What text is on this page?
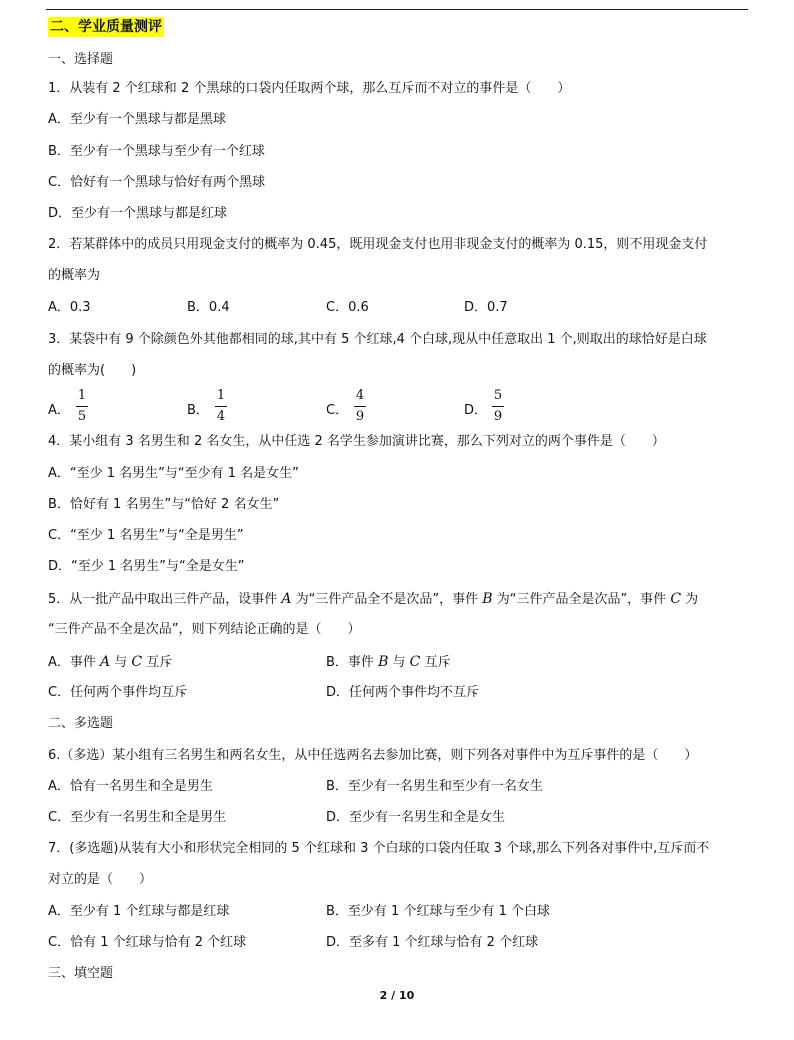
二、学业质量测评
一、选择题
1．从装有 2 个红球和 2 个黑球的口袋内任取两个球，那么互斥而不对立的事件是（　　）
A．至少有一个黑球与都是黑球
B．至少有一个黑球与至少有一个红球
C．恰好有一个黑球与恰好有两个黑球
D．至少有一个黑球与都是红球
2．若某群体中的成员只用现金支付的概率为 0.45，既用现金支付也用非现金支付的概率为 0.15，则不用现金支付
的概率为
A．0.3	B．0.4	C．0.6	D．0.7
3．某袋中有 9 个除颜色外其他都相同的球,其中有 5 个红球,4 个白球,现从中任意取出 1 个,则取出的球恰好是白球
的概率为(　　)
A． $\frac{1}{5}$	B． $\frac{1}{4}$	C． $\frac{4}{9}$	D． $\frac{5}{9}$
4．某小组有 3 名男生和 2 名女生，从中任选 2 名学生参加演讲比赛，那么下列对立的两个事件是（　　）
A．“至少 1 名男生”与“至少有 1 名是女生”
B．恰好有 1 名男生”与“恰好 2 名女生”
C．“至少 1 名男生”与“全是男生”
D．“至少 1 名男生”与“全是女生”
5．从一批产品中取出三件产品，设事件 A 为“三件产品全不是次品”，事件 B 为“三件产品全是次品”，事件 C 为
“三件产品不全是次品”，则下列结论正确的是（　　）
A．事件 A 与 C 互斥	B．事件 B 与 C 互斥
C．任何两个事件均互斥	D．任何两个事件均不互斥
二、多选题
6.（多选）某小组有三名男生和两名女生，从中任选两名去参加比赛，则下列各对事件中为互斥事件的是（　　）
A．恰有一名男生和全是男生	B．至少有一名男生和至少有一名女生
C．至少有一名男生和全是男生	D．至少有一名男生和全是女生
7．(多选题)从装有大小和形状完全相同的 5 个红球和 3 个白球的口袋内任取 3 个球,那么下列各对事件中,互斥而不
对立的是（　　）
A．至少有 1 个红球与都是红球	B．至少有 1 个红球与至少有 1 个白球
C．恰有 1 个红球与恰有 2 个红球	D．至多有 1 个红球与恰有 2 个红球
三、填空题
2 / 10
